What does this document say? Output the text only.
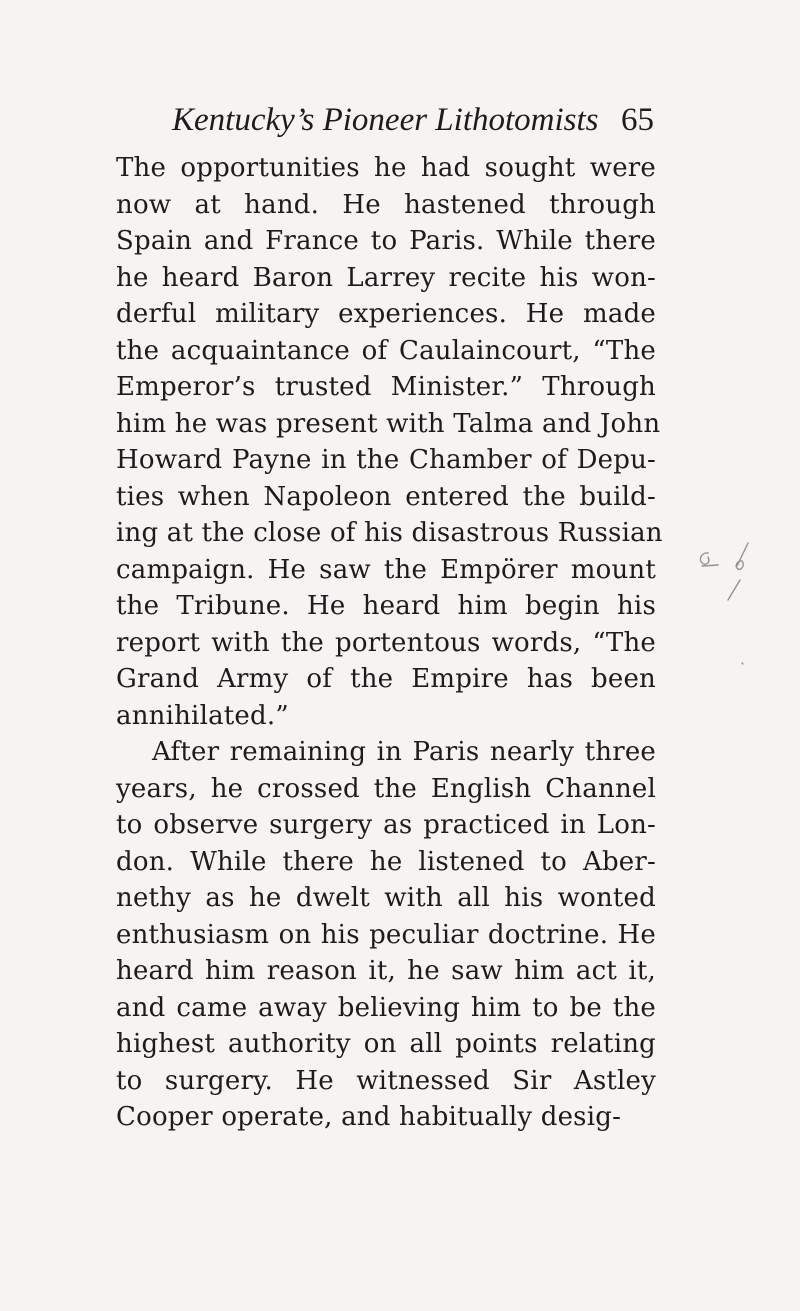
Kentucky’s Pioneer Lithotomists 65
The opportunities he had sought were
now at hand. He hastened through
Spain and France to Paris. While there
he heard Baron Larrey recite his won-
derful military experiences. He made
the acquaintance of Caulaincourt, “The
Emperor’s trusted Minister.” Through
him he was present with Talma and John
Howard Payne in the Chamber of Depu-
ties when Napoleon entered the build-
ing at the close of his disastrous Russian
campaign. He saw the Empörer mount
the Tribune. He heard him begin his
report with the portentous words, “The
Grand Army of the Empire has been
annihilated.”
After remaining in Paris nearly three
years, he crossed the English Channel
to observe surgery as practiced in Lon-
don. While there he listened to Aber-
nethy as he dwelt with all his wonted
enthusiasm on his peculiar doctrine. He
heard him reason it, he saw him act it,
and came away believing him to be the
highest authority on all points relating
to surgery. He witnessed Sir Astley
Cooper operate, and habitually desig-
